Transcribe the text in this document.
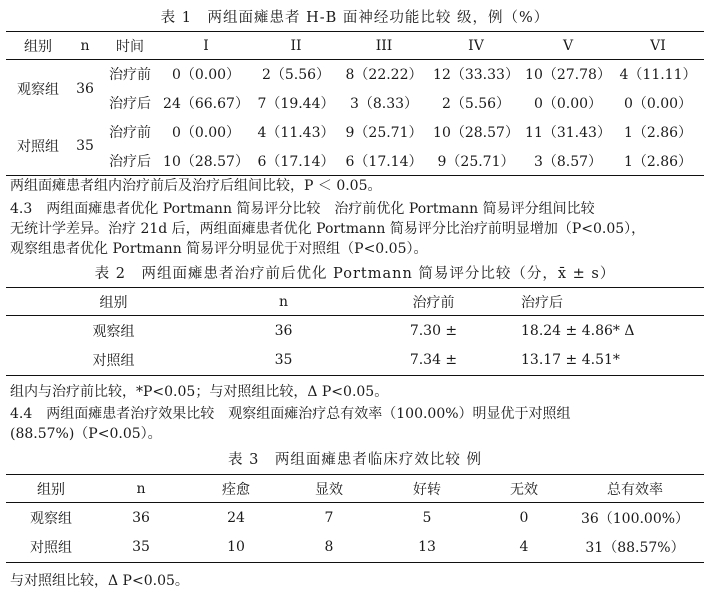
表 1　两组面瘫患者 H-B 面神经功能比较 级，例（%）
组别	n	时间	I	II	III	IV	V	VI
观察组	36	治疗前	0（0.00）	2（5.56）	8（22.22）	12（33.33）	10（27.78）	4（11.11）
		治疗后	24（66.67）	7（19.44）	3（8.33）	2（5.56）	0（0.00）	0（0.00）
对照组	35	治疗前	0（0.00）	4（11.43）	9（25.71）	10（28.57）	11（31.43）	1（2.86）
		治疗后	10（28.57）	6（17.14）	6（17.14）	9（25.71）	3（8.57）	1（2.86）
两组面瘫患者组内治疗前后及治疗后组间比较，P ＜ 0.05。
4.3　两组面瘫患者优化 Portmann 简易评分比较　治疗前优化 Portmann 简易评分组间比较
无统计学差异。治疗 21d 后，两组面瘫患者优化 Portmann 简易评分比治疗前明显增加（P<0.05），
观察组患者优化 Portmann 简易评分明显优于对照组（P<0.05）。
表 2　两组面瘫患者治疗前后优化 Portmann 简易评分比较（分，x̄ ± s）
组别	n	治疗前	治疗后
观察组	36	7.30 ±	18.24 ± 4.86* Δ
对照组	35	7.34 ±	13.17 ± 4.51*
组内与治疗前比较，*P<0.05；与对照组比较，Δ P<0.05。
4.4　两组面瘫患者治疗效果比较　观察组面瘫治疗总有效率（100.00%）明显优于对照组
(88.57%)（P<0.05）。
表 3　两组面瘫患者临床疗效比较 例
组别	n	痊愈	显效	好转	无效	总有效率
观察组	36	24	7	5	0	36（100.00%）
对照组	35	10	8	13	4	31（88.57%）
与对照组比较，Δ P<0.05。
